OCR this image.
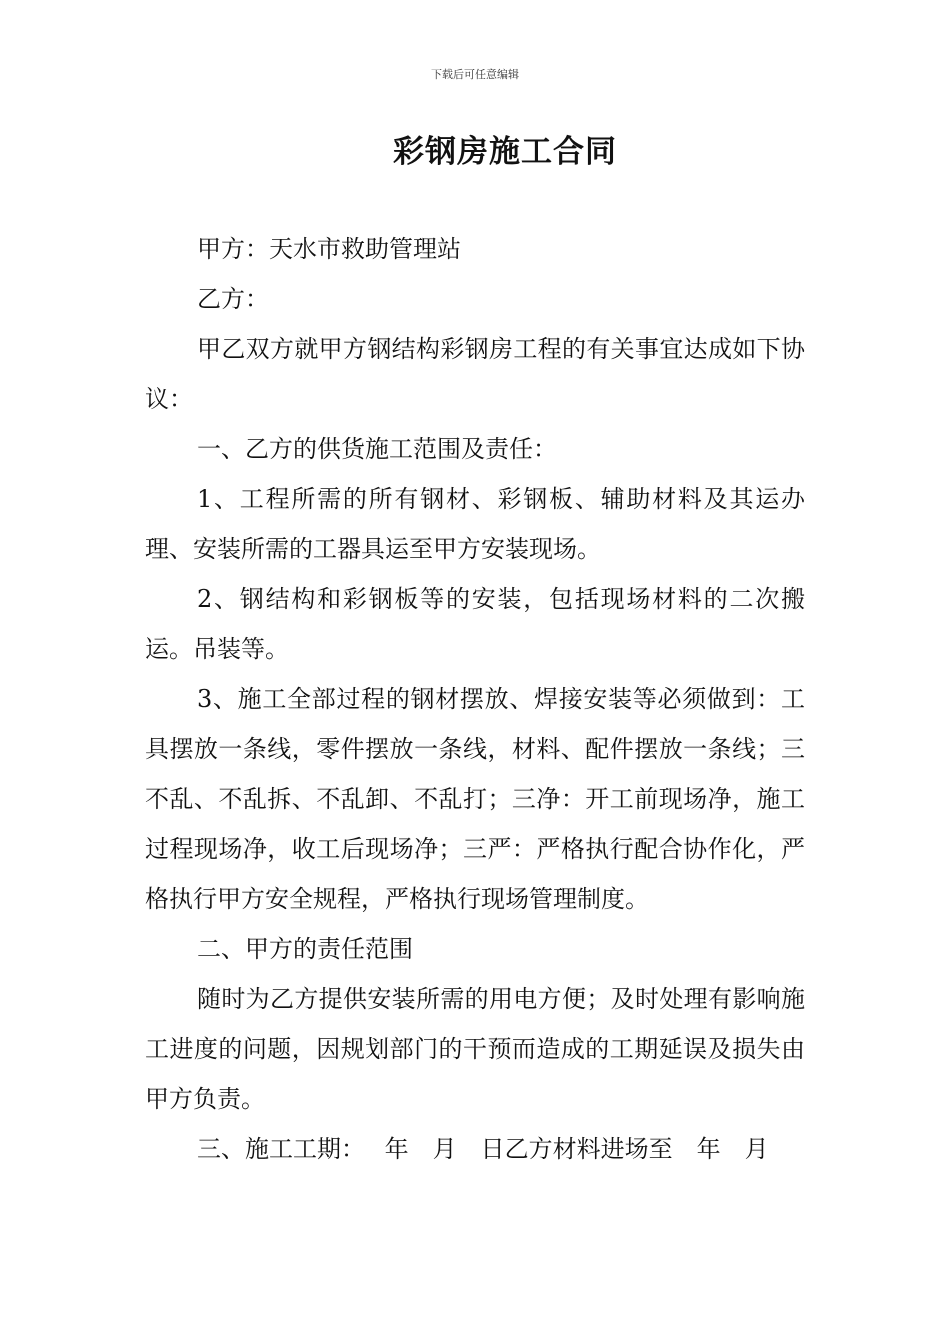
下载后可任意编辑
彩钢房施工合同

甲方：天水市救助管理站

乙方：

甲乙双方就甲方钢结构彩钢房工程的有关事宜达成如下协议：

一、乙方的供货施工范围及责任：

1、工程所需的所有钢材、彩钢板、辅助材料及其运办理、安装所需的工器具运至甲方安装现场。

2、钢结构和彩钢板等的安装，包括现场材料的二次搬运。吊装等。

3、施工全部过程的钢材摆放、焊接安装等必须做到：工具摆放一条线，零件摆放一条线，材料、配件摆放一条线；三不乱、不乱拆、不乱卸、不乱打；三净：开工前现场净，施工过程现场净，收工后现场净；三严：严格执行配合协作化，严格执行甲方安全规程，严格执行现场管理制度。

二、甲方的责任范围

随时为乙方提供安装所需的用电方便；及时处理有影响施工进度的问题，因规划部门的干预而造成的工期延误及损失由甲方负责。

三、施工工期：　 年　月　日乙方材料进场至　年　月
